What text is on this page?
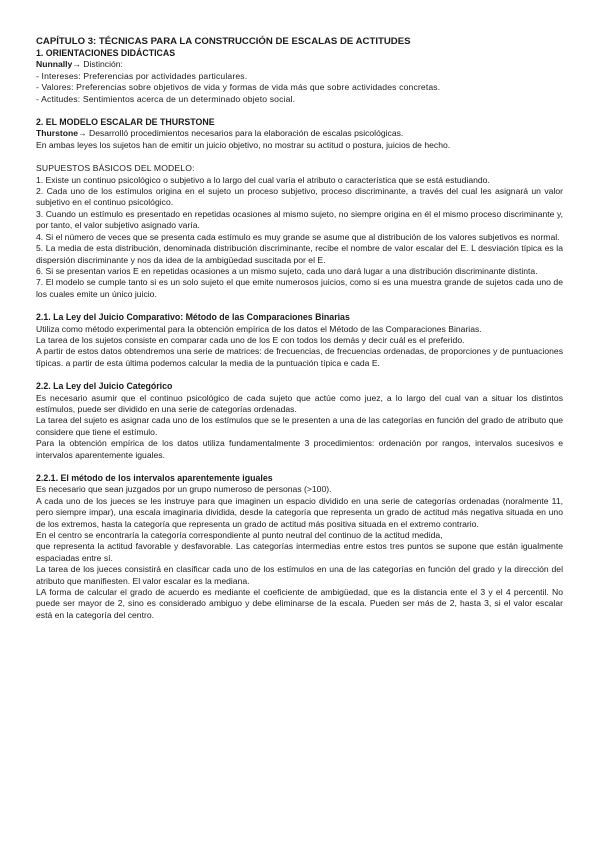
CAPÍTULO 3: TÉCNICAS PARA LA CONSTRUCCIÓN DE ESCALAS DE ACTITUDES
1. ORIENTACIONES DIDÁCTICAS
Nunnally→ Distinción:
- Intereses: Preferencias por actividades particulares.
- Valores: Preferencias sobre objetivos de vida y formas de vida más que sobre actividades concretas.
- Actitudes: Sentimientos acerca de un determinado objeto social.
2. EL MODELO ESCALAR DE THURSTONE
Thurstone→ Desarrolló procedimientos necesarios para la elaboración de escalas psicológicas.
En ambas leyes los sujetos han de emitir un juicio objetivo, no mostrar su actitud o postura, juicios de hecho.
SUPUESTOS BÁSICOS DEL MODELO:

1. Existe un continuo psicológico o subjetivo a lo largo del cual varía el atributo o característica que se está estudiando.

2. Cada uno de los estímulos origina en el sujeto un proceso subjetivo, proceso discriminante, a través del cual les asignará un valor subjetivo en el continuo psicológico.

3. Cuando un estímulo es presentado en repetidas ocasiones al mismo sujeto, no siempre origina en él el mismo proceso discriminante y, por tanto, el valor subjetivo asignado varía.

4. Si el número de veces que se presenta cada estímulo es muy grande se asume que al distribución de los valores subjetivos es normal.

5. La media de esta distribución, denominada distribución discriminante, recibe el nombre de valor escalar del E. L desviación típica es la dispersión discriminante y nos da idea de la ambigüedad suscitada por el E.

6. Si se presentan varios E en repetidas ocasiones a un mismo sujeto, cada uno dará lugar a una distribución discriminante distinta.

7. El modelo se cumple tanto si es un solo sujeto el que emite numerosos juicios, como si es una muestra grande de sujetos cada uno de los cuales emite un único juicio.

2.1. La Ley del Juicio Comparativo: Método de las Comparaciones Binarias

Utiliza como método experimental para la obtención empírica de los datos el Método de las Comparaciones Binarias.

La tarea de los sujetos consiste en comparar cada uno de los E con todos los demás y decir cuál es el preferido.

A partir de estos datos obtendremos una serie de matrices: de frecuencias, de frecuencias ordenadas, de proporciones y de puntuaciones típicas. a partir de esta última podemos calcular la media de la puntuación típica e cada E.

2.2. La Ley del Juicio Categórico

Es necesario asumir que el continuo psicológico de cada sujeto que actúe como juez, a lo largo del cual van a situar los distintos estímulos, puede ser dividido en una serie de categorías ordenadas.

La tarea del sujeto es asignar cada uno de los estímulos que se le presenten a una de las categorías en función del grado de atributo que considere que tiene el estímulo.

Para la obtención empírica de los datos utiliza fundamentalmente 3 procedimientos: ordenación por rangos, intervalos sucesivos e intervalos aparentemente iguales.

2.2.1. El método de los intervalos aparentemente iguales

Es necesario que sean juzgados por un grupo numeroso de personas (>100).

A cada uno de los jueces se les instruye para que imaginen un espacio dividido en una serie de categorías ordenadas (noralmente 11, pero siempre impar), una escala imaginaria dividida, desde la categoría que representa un grado de actitud más negativa situada en uno de los extremos, hasta la categoría que representa un grado de actitud más positiva situada en el extremo contrario.

En el centro se encontraría la categoría correspondiente al punto neutral del continuo de la actitud medida,

que representa la actitud favorable y desfavorable. Las categorías intermedias entre estos tres puntos se supone que están igualmente espaciadas entre sí.

La tarea de los jueces consistirá en clasificar cada uno de los estímulos en una de las categorías en función del grado y la dirección del atributo que manifiesten. El valor escalar es la mediana.

LA forma de calcular el grado de acuerdo es mediante el coeficiente de ambigüedad, que es la distancia ente el 3 y el 4 percentil. No puede ser mayor de 2, sino es considerado ambiguo y debe eliminarse de la escala. Pueden ser más de 2, hasta 3, si el valor escalar está en la categoría del centro.
